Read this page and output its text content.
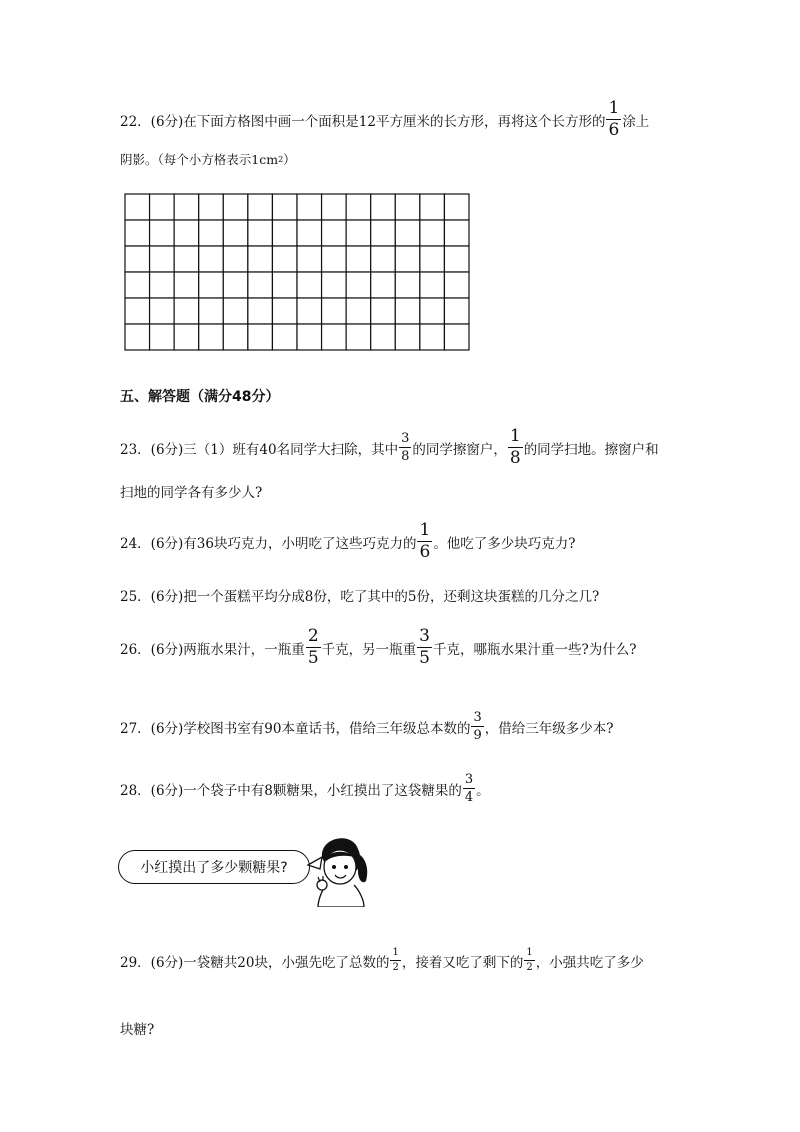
22．(6分)在下面方格图中画一个面积是12平方厘米的长方形，再将这个长方形的 $\frac{1}{6}$ 涂上
阴影。（每个小方格表示1cm 2 ）
五、解答题（满分48分）
23．(6分)三（1）班有40名同学大扫除，其中 $\frac{3}{8}$ 的同学擦窗户， $\frac{1}{8}$ 的同学扫地。擦窗户和
扫地的同学各有多少人?
24．(6分)有36块巧克力，小明吃了这些巧克力的 $\frac{1}{6}$ 。他吃了多少块巧克力?
25．(6分)把一个蛋糕平均分成8份，吃了其中的5份，还剩这块蛋糕的几分之几?
26．(6分)两瓶水果汁，一瓶重 $\frac{2}{5}$ 千克，另一瓶重 $\frac{3}{5}$ 千克，哪瓶水果汁重一些?为什么?
27．(6分)学校图书室有90本童话书，借给三年级总本数的 $\frac{3}{9}$ ，借给三年级多少本?
28．(6分)一个袋子中有8颗糖果，小红摸出了这袋糖果的 $\frac{3}{4}$ 。
小红摸出了多少颗糖果?
29．(6分)一袋糖共20块，小强先吃了总数的 $\frac{1}{2}$ ，接着又吃了剩下的 $\frac{1}{2}$ ，小强共吃了多少
块糖?
